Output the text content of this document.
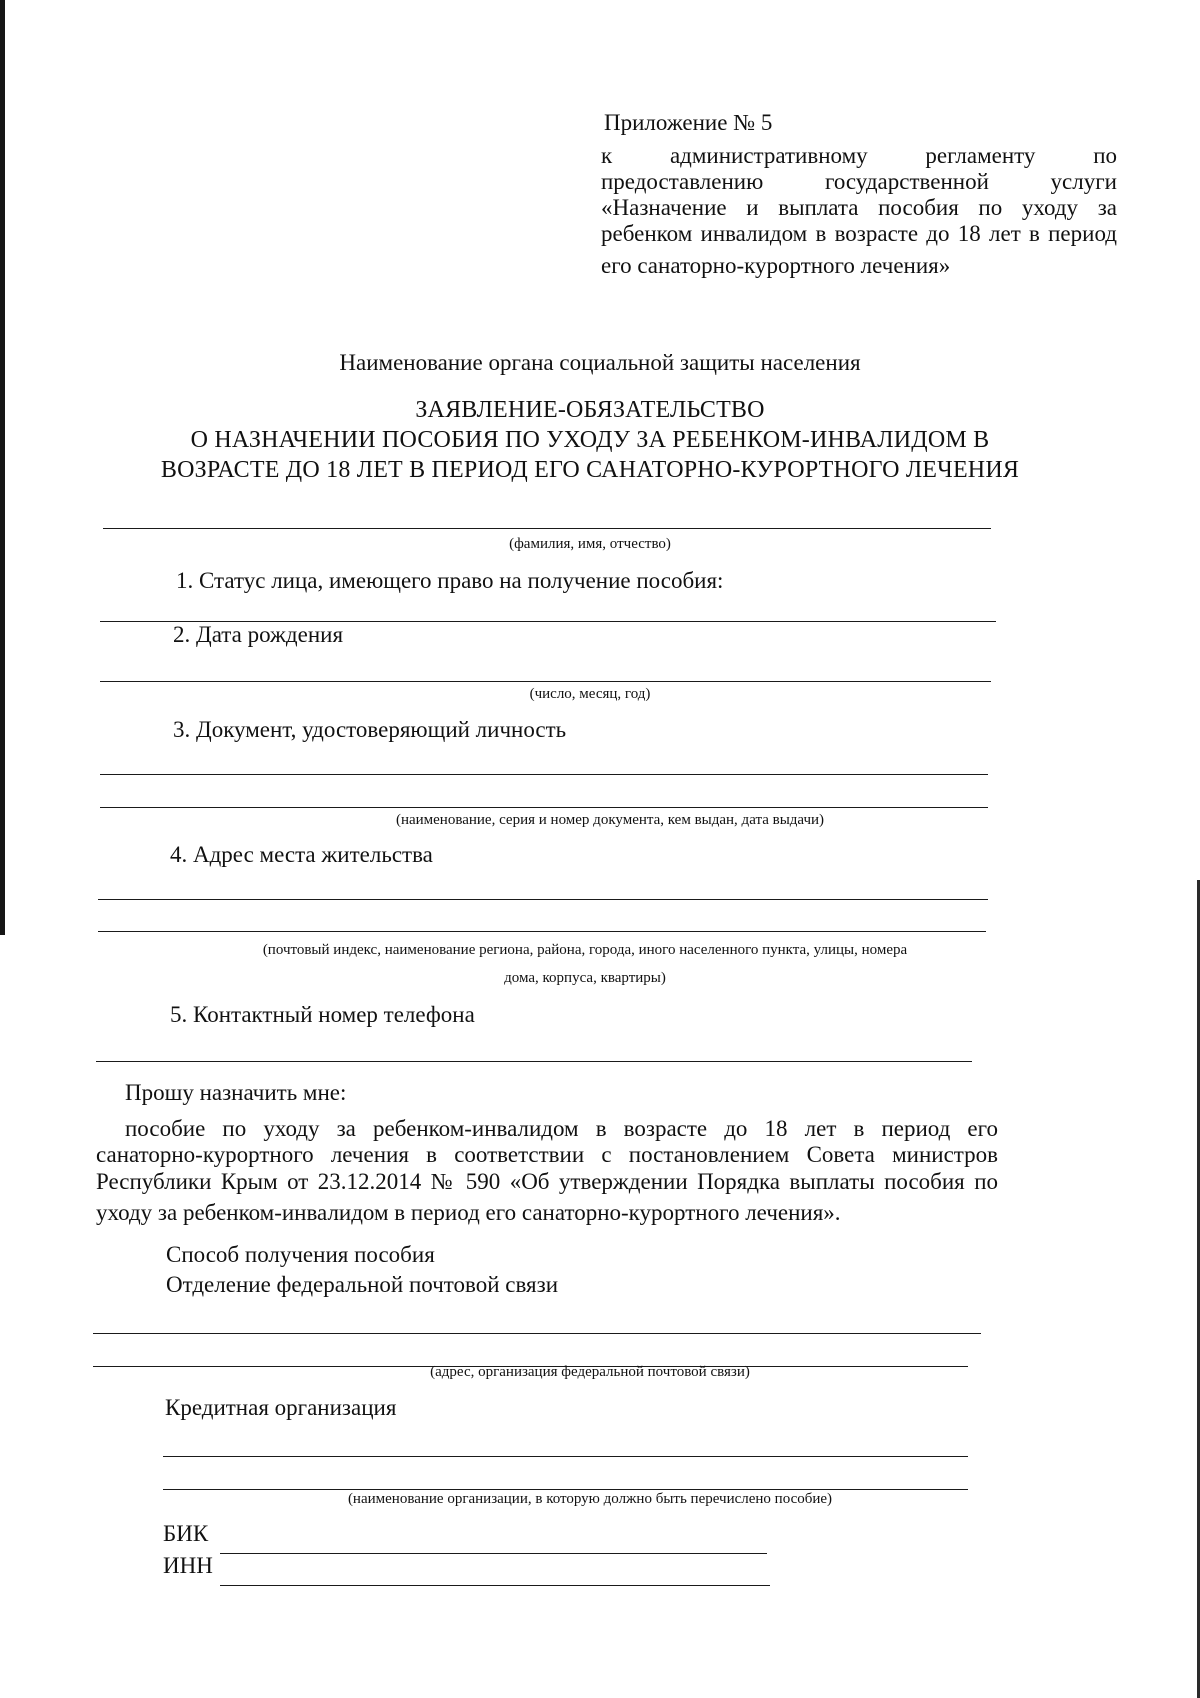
Приложение № 5
к административному регламенту по
предоставлению государственной услуги
«Назначение и выплата пособия по уходу за
ребенком инвалидом в возрасте до 18 лет в период
его санаторно-курортного лечения»
Наименование органа социальной защиты населения
ЗАЯВЛЕНИЕ-ОБЯЗАТЕЛЬСТВО
О НАЗНАЧЕНИИ ПОСОБИЯ ПО УХОДУ ЗА РЕБЕНКОМ-ИНВАЛИДОМ В
ВОЗРАСТЕ ДО 18 ЛЕТ В ПЕРИОД ЕГО САНАТОРНО-КУРОРТНОГО ЛЕЧЕНИЯ
(фамилия, имя, отчество)
1. Статус лица, имеющего право на получение пособия:
2. Дата рождения
(число, месяц, год)
3. Документ, удостоверяющий личность
(наименование, серия и номер документа, кем выдан, дата выдачи)
4. Адрес места жительства
(почтовый индекс, наименование региона, района, города, иного населенного пункта, улицы, номера
дома, корпуса, квартиры)
5. Контактный номер телефона
Прошу назначить мне:
пособие по уходу за ребенком-инвалидом в возрасте до 18 лет в период его
санаторно-курортного лечения в соответствии с постановлением Совета министров
Республики Крым от 23.12.2014 № 590 «Об утверждении Порядка выплаты пособия по
уходу за ребенком-инвалидом в период его санаторно-курортного лечения».
Способ получения пособия
Отделение федеральной почтовой связи
(адрес, организация федеральной почтовой связи)
Кредитная организация
(наименование организации, в которую должно быть перечислено пособие)
БИК
ИНН
